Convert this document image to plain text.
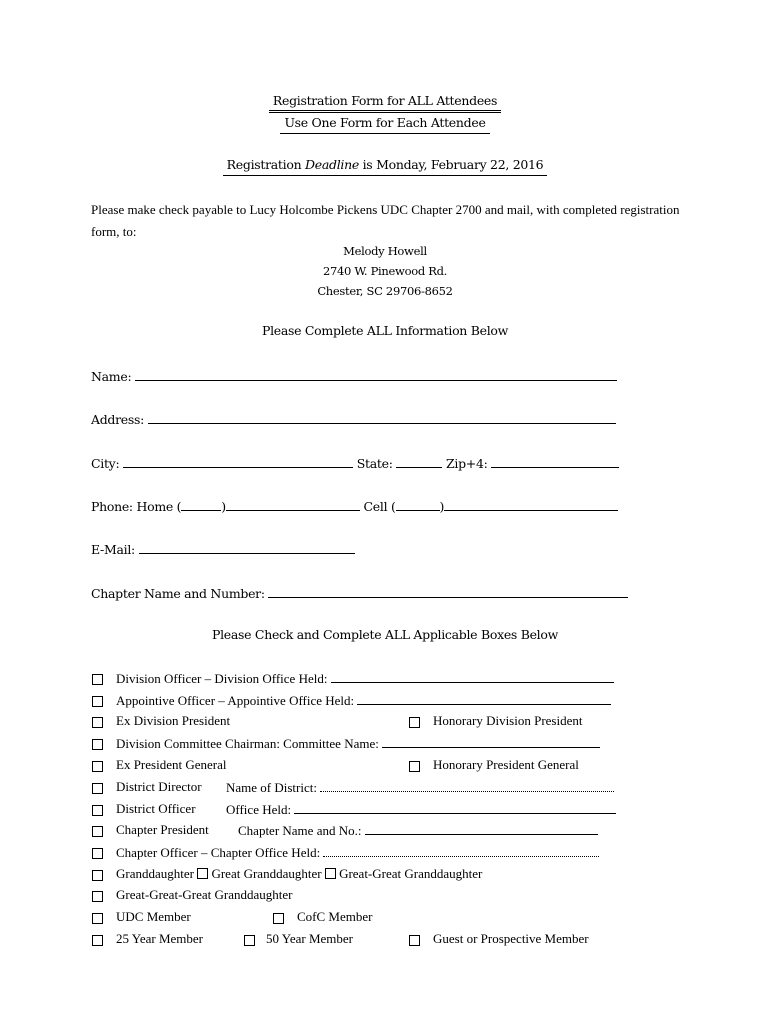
Registration Form for ALL Attendees
Use One Form for Each Attendee
Registration Deadline is Monday, February 22, 2016
Please make check payable to Lucy Holcombe Pickens UDC Chapter 2700 and mail, with completed registration form, to:
Melody Howell
2740 W. Pinewood Rd.
Chester, SC 29706-8652
Please Complete ALL Information Below
Name:
Address:
City:	State:	Zip+4:
Phone: Home (	)	Cell (	)
E-Mail:
Chapter Name and Number:
Please Check and Complete ALL Applicable Boxes Below
Division Officer – Division Office Held:
Appointive Officer – Appointive Office Held:
Ex Division President	Honorary Division President
Division Committee Chairman: Committee Name:
Ex President General	Honorary President General
District Director Name of District:
District Officer Office Held:
Chapter President Chapter Name and No.:
Chapter Officer – Chapter Office Held:
Granddaughter Great Granddaughter Great-Great Granddaughter
Great-Great-Great Granddaughter
UDC Member	CofC Member
25 Year Member	50 Year Member	Guest or Prospective Member
